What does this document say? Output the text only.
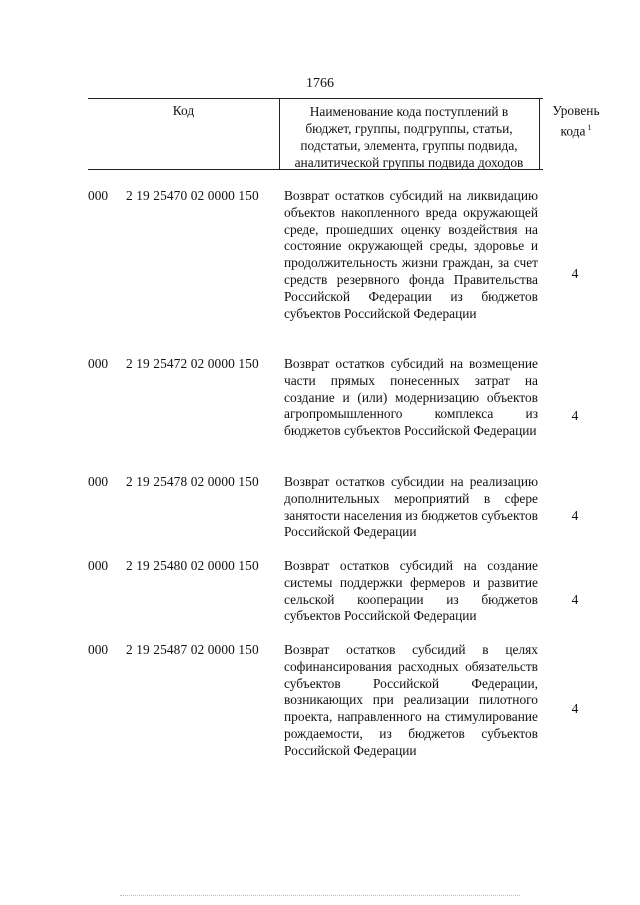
1766
Код	Наименование кода поступлений в
бюджет, группы, подгруппы, статьи,
подстатьи, элемента, группы подвида,
аналитической группы подвида доходов
Уровень
кода $^1$
000 2 19 25470 02 0000 150 Возврат остатков субсидий на ликвидацию объектов накопленного вреда окружающей среде, прошедших оценку воздействия на состояние окружающей среды, здоровье и продолжительность жизни граждан, за счет средств резервного фонда Правительства Российской Федерации из бюджетов субъектов Российской Федерации
4
000 2 19 25472 02 0000 150 Возврат остатков субсидий на возмещение части прямых понесенных затрат на создание и (или) модернизацию объектов агропромышленного комплекса из бюджетов субъектов Российской Федерации
4
000 2 19 25478 02 0000 150 Возврат остатков субсидии на реализацию дополнительных мероприятий в сфере занятости населения из бюджетов субъектов Российской Федерации
4
000 2 19 25480 02 0000 150 Возврат остатков субсидий на создание системы поддержки фермеров и развитие сельской кооперации из бюджетов субъектов Российской Федерации
4
000 2 19 25487 02 0000 150 Возврат остатков субсидий в целях софинансирования расходных обязательств субъектов Российской Федерации, возникающих при реализации пилотного проекта, направленного на стимулирование рождаемости, из бюджетов субъектов Российской Федерации
4
